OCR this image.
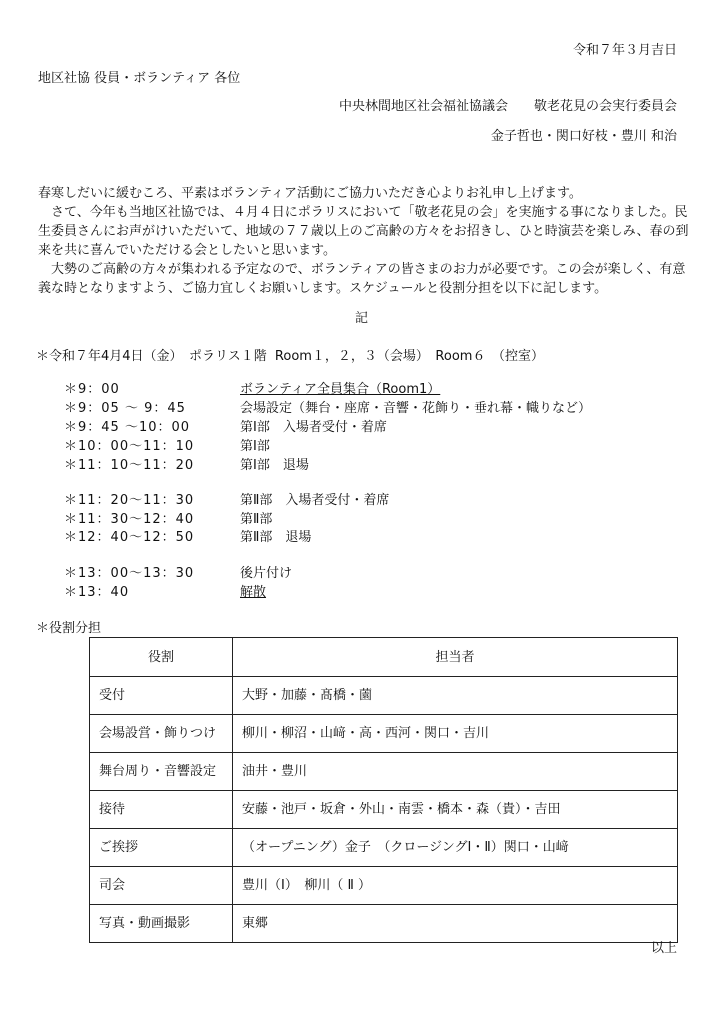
令和７年３月吉日
地区社協 役員・ボランティア 各位
中央林間地区社会福祉協議会　　敬老花見の会実行委員会
金子哲也・関口好枝・豊川 和治

春寒しだいに緩むころ、平素はボランティア活動にご協力いただき心よりお礼申し上げます。

　さて、今年も当地区社協では、４月４日にポラリスにおいて「敬老花見の会」を実施する事になりました。民生委員さんにお声がけいただいて、地域の７７歳以上のご高齢の方々をお招きし、ひと時演芸を楽しみ、春の到来を共に喜んでいただける会としたいと思います。

　大勢のご高齢の方々が集われる予定なので、ボランティアの皆さまのお力が必要です。この会が楽しく、有意義な時となりますよう、ご協力宜しくお願いします。スケジュールと役割分担を以下に記します。

記
＊令和７年4月4日（金）　ポラリス１階 Room１，２，３（会場）　Room６　（控室）
＊9：00	ボランティア全員集合（Room1）
＊9：05 ～ 9：45	会場設定（舞台・座席・音響・花飾り・垂れ幕・幟りなど）
＊9：45 ～10：00	第Ⅰ部　入場者受付・着席
＊10：00～11：10	第Ⅰ部
＊11：10～11：20	第Ⅰ部　退場
＊11：20～11：30	第Ⅱ部　入場者受付・着席
＊11：30～12：40	第Ⅱ部
＊12：40～12：50	第Ⅱ部　退場
＊13：00～13：30	後片付け
＊13：40	解散
＊役割分担
役割	担当者
受付	大野・加藤・髙橋・薗
会場設営・飾りつけ	柳川・柳沼・山﨑・高・西河・関口・吉川
舞台周り・音響設定	油井・豊川
接待	安藤・池戸・坂倉・外山・南雲・橋本・森（貴）・吉田
ご挨拶	（オープニング）金子　（クロージングⅠ・Ⅱ）関口・山﨑
司会	豊川（Ⅰ）　柳川（ Ⅱ ）
写真・動画撮影	東郷
以上
